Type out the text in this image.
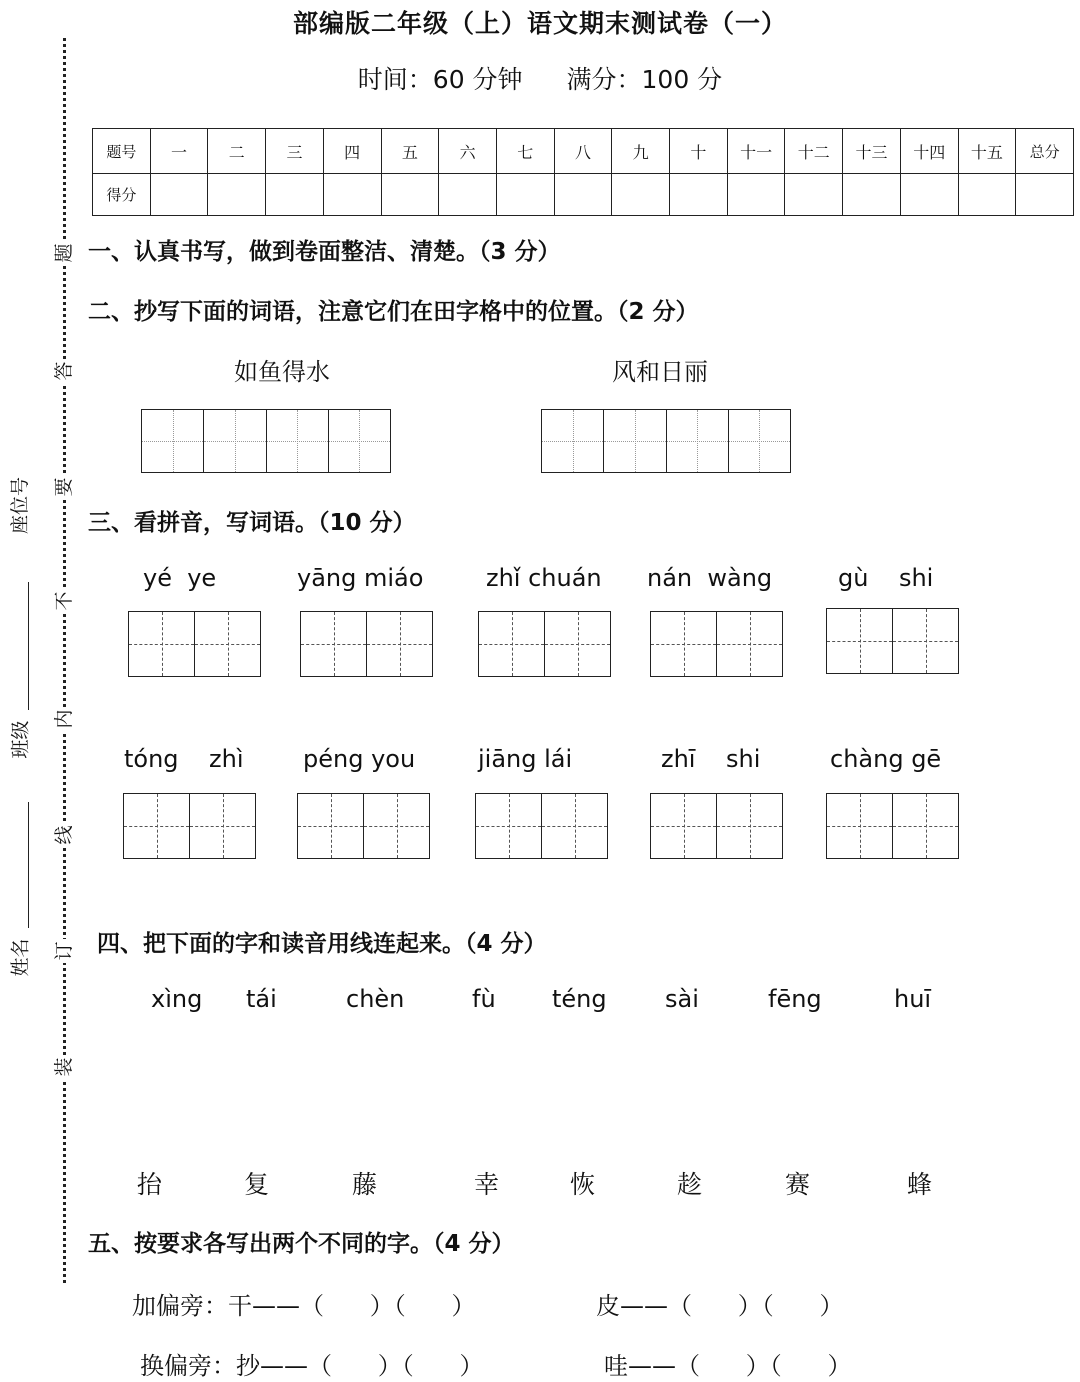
部编版二年级（上）语文期末测试卷（一）
时间：60 分钟 满分：100 分
题号	一	二	三	四	五	六	七	八	九	十	十一	十二	十三	十四	十五	总分
得分																
题
答
要
不
内
线
订
装
座位号
班级
姓名
一、认真书写，做到卷面整洁、清楚。（3 分）
二、抄写下面的词语，注意它们在田字格中的位置。（2 分）
如鱼得水	风和日丽
三、看拼音，写词语。（10 分）
yé  ye	yāng miáo	zhǐ chuán nán  wàng	gù    shi
tóng    zhì péng you	jiāng lái	zhī    shi	chàng gē
四、把下面的字和读音用线连起来。（4 分）
xìng tái	chèn	fù téng sài	fēng	huī
抬	复	藤	幸	恢	趁	赛	蜂
五、按要求各写出两个不同的字。（4 分）
加偏旁：干——（      ）（      ）	皮——（      ）（      ）
换偏旁：抄——（      ）（      ）	哇——（      ）（      ）
